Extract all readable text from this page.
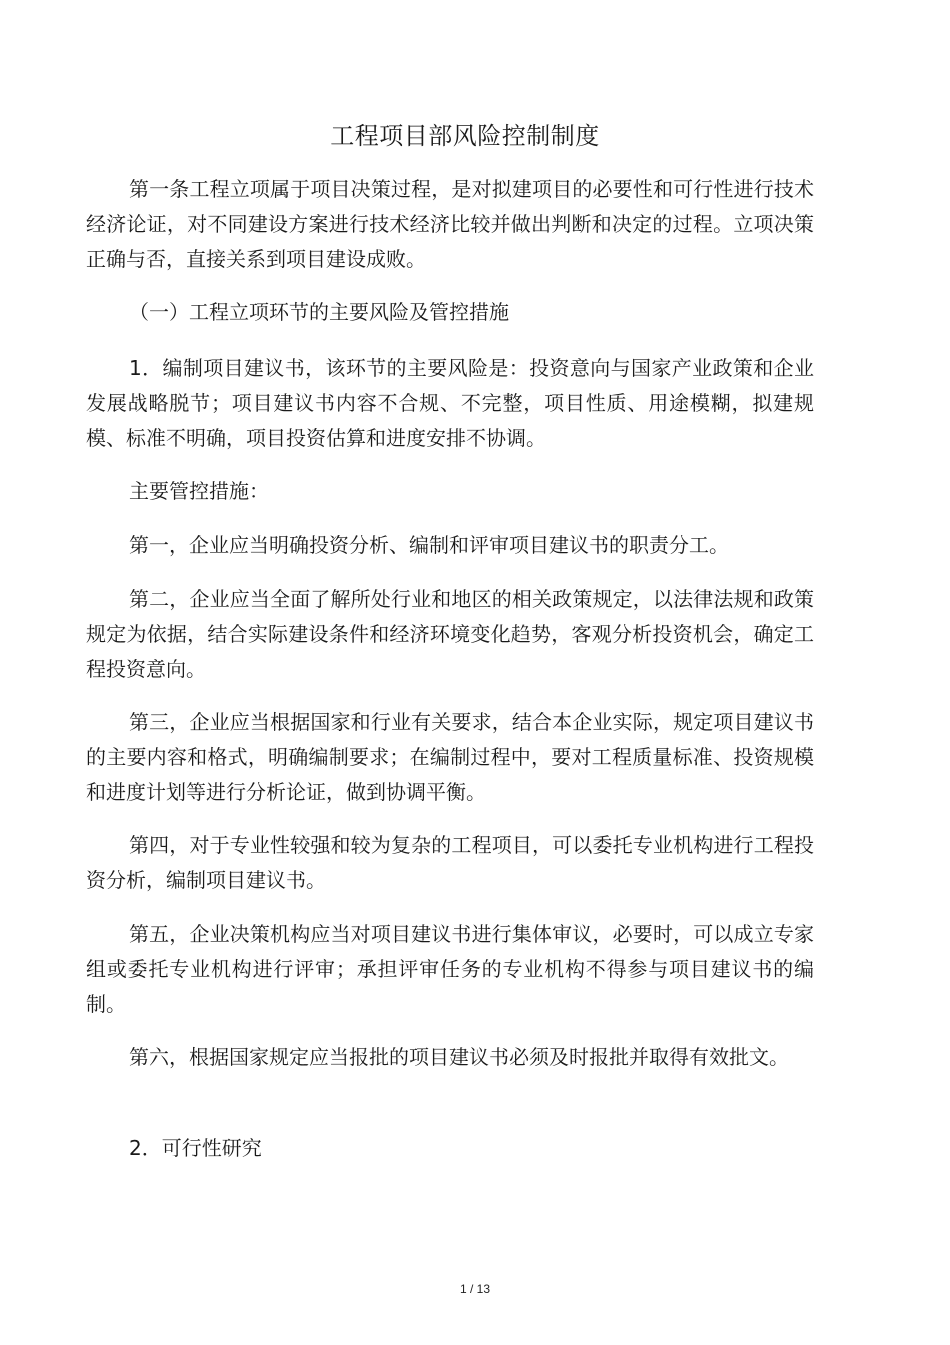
工程项目部风险控制制度

第一条工程立项属于项目决策过程，是对拟建项目的必要性和可行性进行技术经济论证，对不同建设方案进行技术经济比较并做出判断和决定的过程。立项决策正确与否，直接关系到项目建设成败。

（一）工程立项环节的主要风险及管控措施

1．编制项目建议书，该环节的主要风险是：投资意向与国家产业政策和企业发展战略脱节；项目建议书内容不合规、不完整，项目性质、用途模糊，拟建规模、标准不明确，项目投资估算和进度安排不协调。

主要管控措施：

第一，企业应当明确投资分析、编制和评审项目建议书的职责分工。

第二，企业应当全面了解所处行业和地区的相关政策规定，以法律法规和政策规定为依据，结合实际建设条件和经济环境变化趋势，客观分析投资机会，确定工程投资意向。

第三，企业应当根据国家和行业有关要求，结合本企业实际，规定项目建议书的主要内容和格式，明确编制要求；在编制过程中，要对工程质量标准、投资规模和进度计划等进行分析论证，做到协调平衡。

第四，对于专业性较强和较为复杂的工程项目，可以委托专业机构进行工程投资分析，编制项目建议书。

第五，企业决策机构应当对项目建议书进行集体审议，必要时，可以成立专家组或委托专业机构进行评审；承担评审任务的专业机构不得参与项目建议书的编制。

第六，根据国家规定应当报批的项目建议书必须及时报批并取得有效批文。

2．可行性研究

1 / 13
